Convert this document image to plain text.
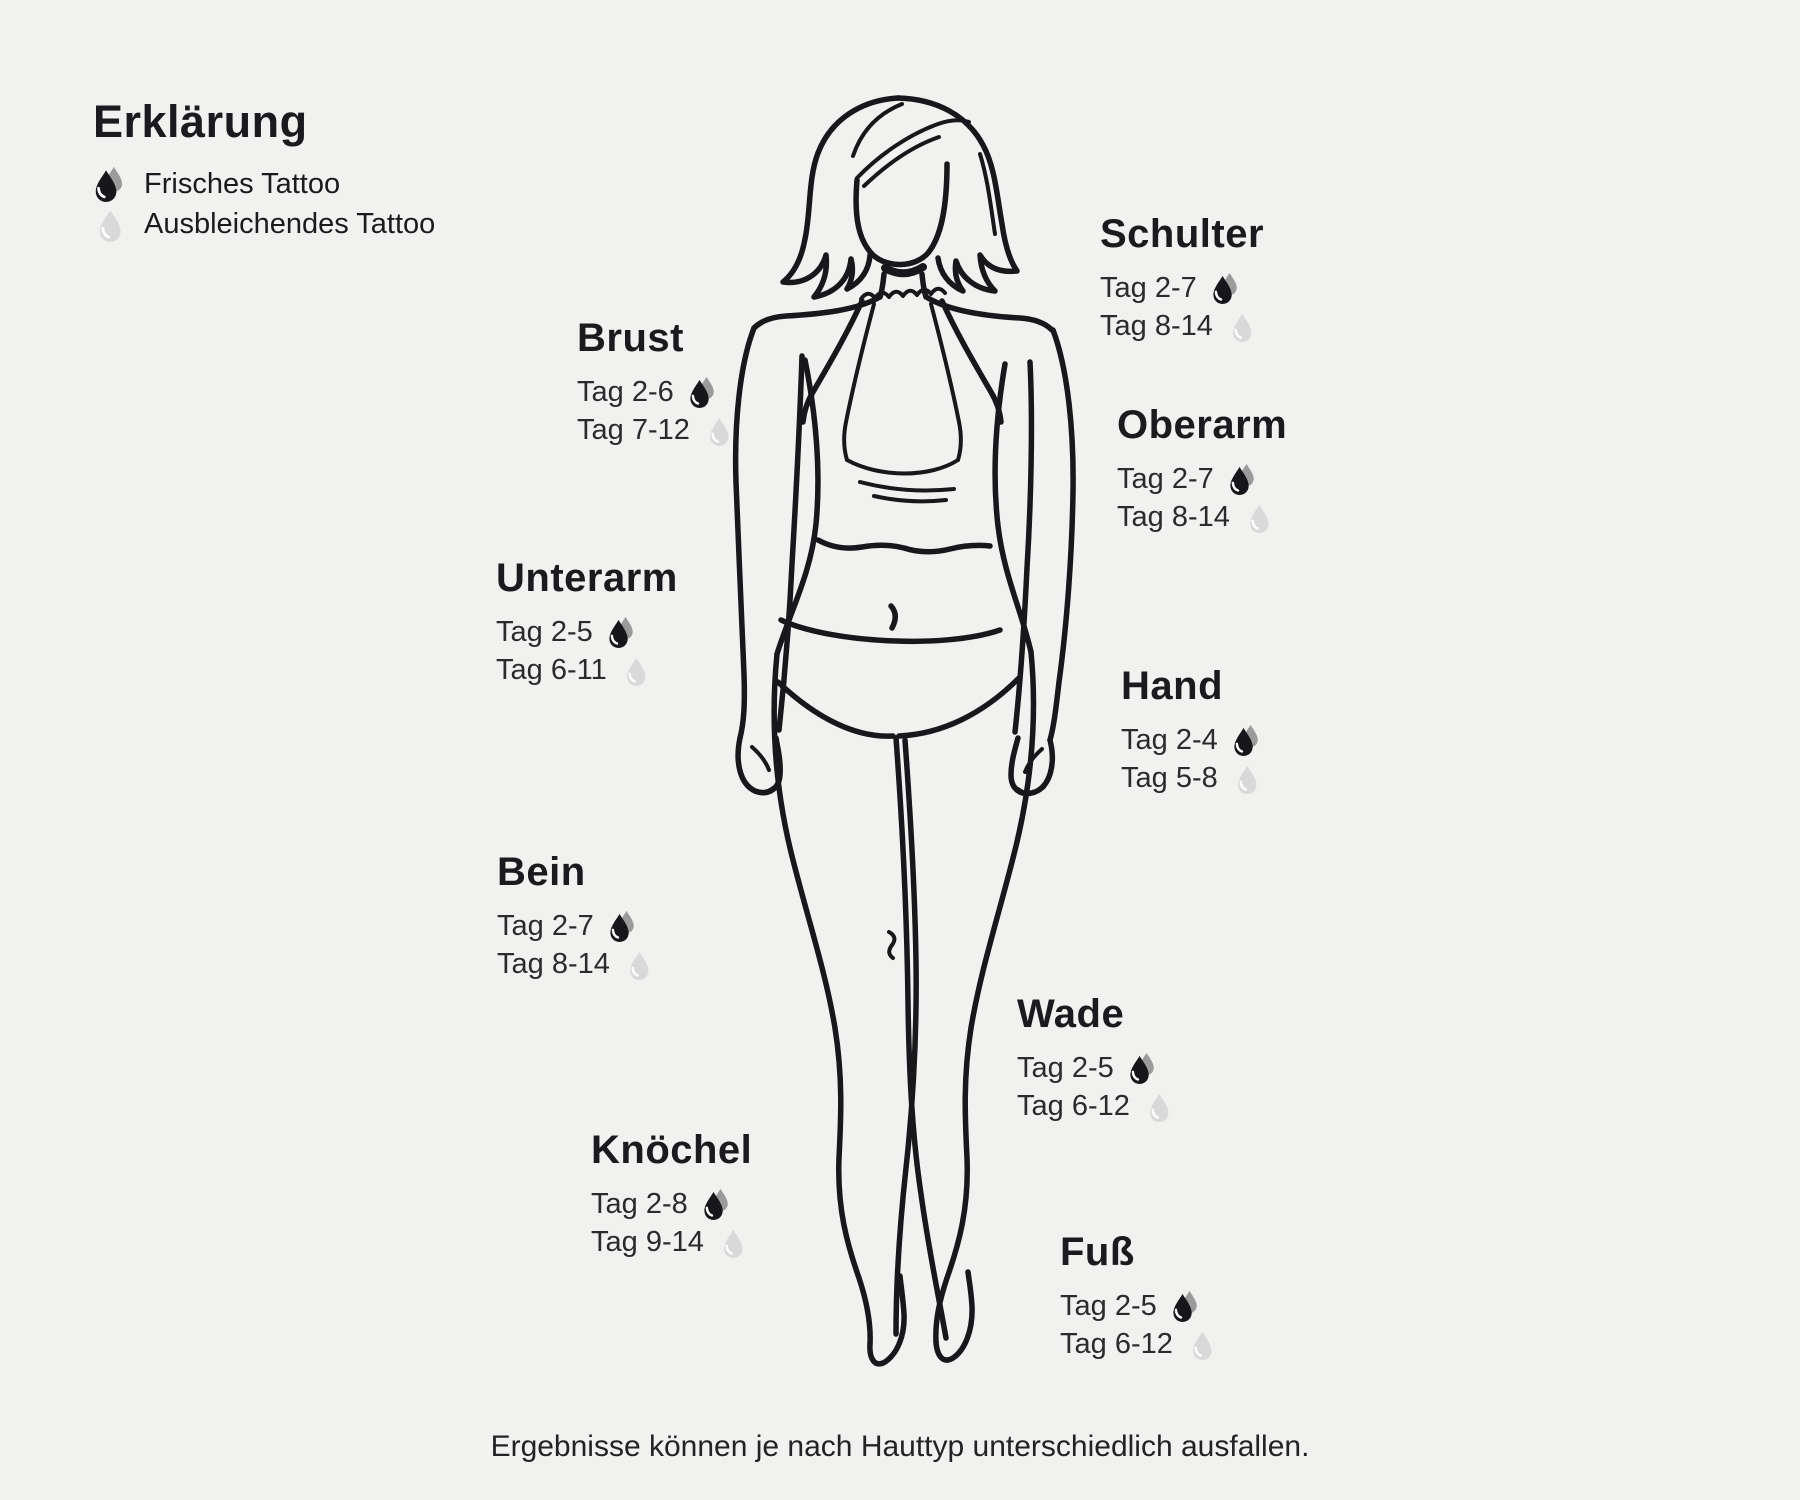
Erklärung
Frisches Tattoo
Ausbleichendes Tattoo	Schulter
Tag 2-7
Tag 8-14
Brust
Tag 2-6
Tag 7-12	Oberarm
Tag 2-7
Tag 8-14
Unterarm
Tag 2-5
Tag 6-11	Hand
Tag 2-4
Tag 5-8
Bein
Tag 2-7
Tag 8-14
Wade
Tag 2-5
Tag 6-12
Knöchel
Tag 2-8
Tag 9-14	Fuß
Tag 2-5
Tag 6-12
Ergebnisse können je nach Hauttyp unterschiedlich ausfallen.
